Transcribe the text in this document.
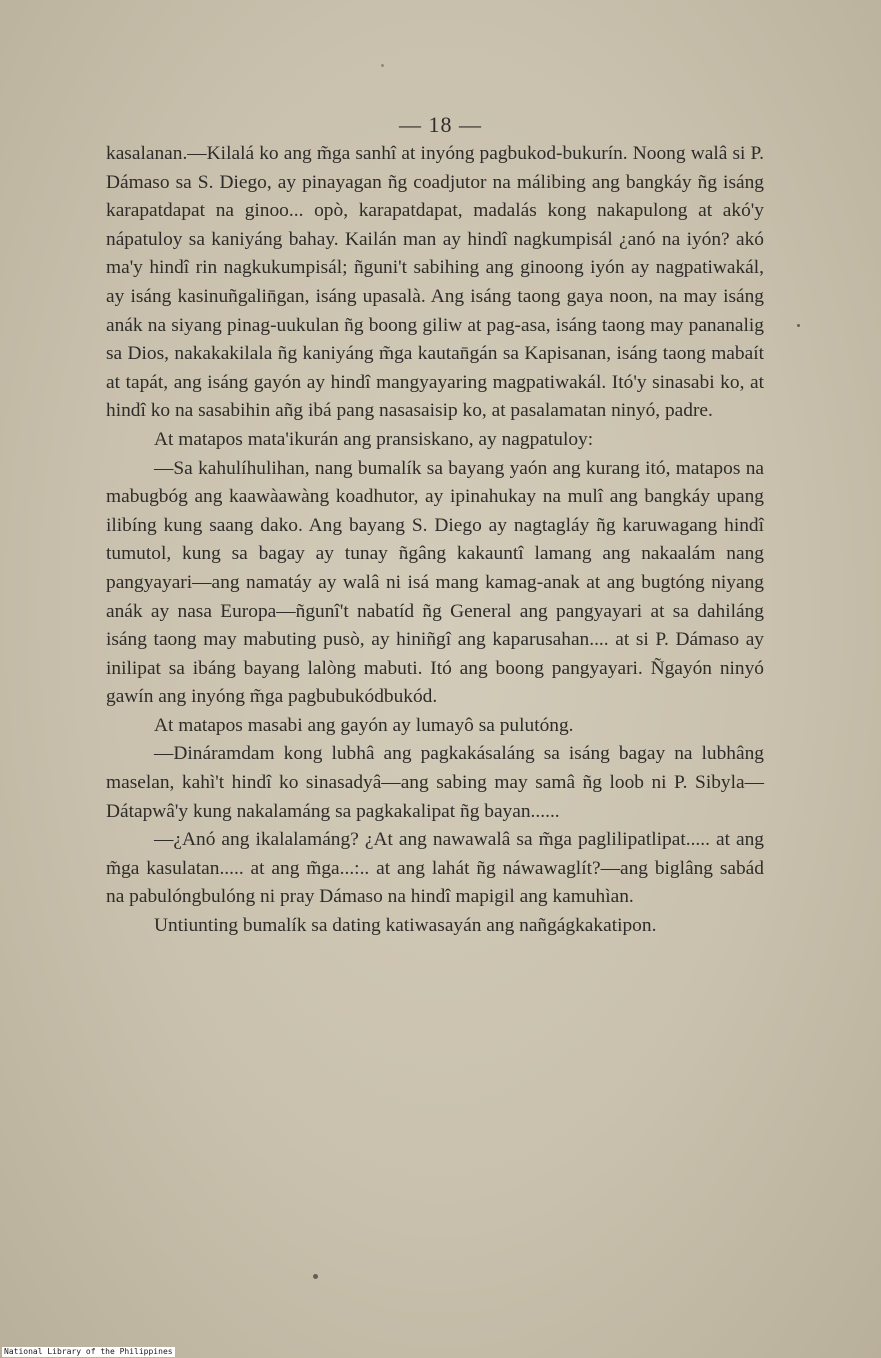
— 18 —

kasalanan.—Kilalá ko ang m̃ga sanhî at inyóng pagbukod-bukurín. Noong walâ si P. Dámaso sa S. Diego, ay pinayagan ñg coadjutor na málibing ang bangkáy ñg isáng karapatdapat na ginoo... opò, karapatdapat, madalás kong nakapulong at akó'y nápatuloy sa kaniyáng bahay. Kailán man ay hindî nagkumpisál ¿anó na iyón? akó ma'y hindî rin nagkukumpisál; ñguni't sabihing ang ginoong iyón ay nagpatiwakál, ay isáng kasinuñgalin̄gan, isáng upasalà. Ang isáng taong gaya noon, na may isáng anák na siyang pinag-uukulan ñg boong giliw at pag-asa, isáng taong may pananalig sa Dios, nakakakilala ñg kaniyáng m̃ga kautan̄gán sa Kapisanan, isáng taong mabaít at tapát, ang isáng gayón ay hindî mangyayaring magpatiwakál. Itó'y sinasabi ko, at hindî ko na sasabihin añg ibá pang nasasaisip ko, at pasalamatan ninyó, padre.

At matapos mata'ikurán ang pransiskano, ay nagpatuloy:

—Sa kahulíhulihan, nang bumalík sa bayang yaón ang kurang itó, matapos na mabugbóg ang kaawàawàng koadhutor, ay ipinahukay na mulî ang bangkáy upang ilibíng kung saang dako. Ang bayang S. Diego ay nagtagláy ñg karuwagang hindî tumutol, kung sa bagay ay tunay ñgâng kakauntî lamang ang nakaalám nang pangyayari—ang namatáy ay walâ ni isá mang kamag-anak at ang bugtóng niyang anák ay nasa Europa—ñgunî't nabatíd ñg General ang pangyayari at sa dahiláng isáng taong may mabuting pusò, ay hiniñgî ang kaparusahan.... at si P. Dámaso ay inilipat sa ibáng bayang lalòng mabuti. Itó ang boong pangyayari. Ñgayón ninyó gawín ang inyóng m̃ga pagbubukódbukód.

At matapos masabi ang gayón ay lumayô sa pulutóng.

—Dináramdam kong lubhâ ang pagkakásaláng sa isáng bagay na lubhâng maselan, kahì't hindî ko sinasadyâ—ang sabing may samâ ñg loob ni P. Sibyla—Dátapwâ'y kung nakalamáng sa pagkakalipat ñg bayan......

—¿Anó ang ikalalamáng? ¿At ang nawawalâ sa m̃ga paglilipatlipat..... at ang m̃ga kasulatan..... at ang m̃ga...:.. at ang lahát ñg náwawaglít?—ang biglâng sabád na pabulóngbulóng ni pray Dámaso na hindî mapigil ang kamuhìan.

Untiunting bumalík sa dating katiwasayán ang nañgágkakatipon.

National Library of the Philippines
